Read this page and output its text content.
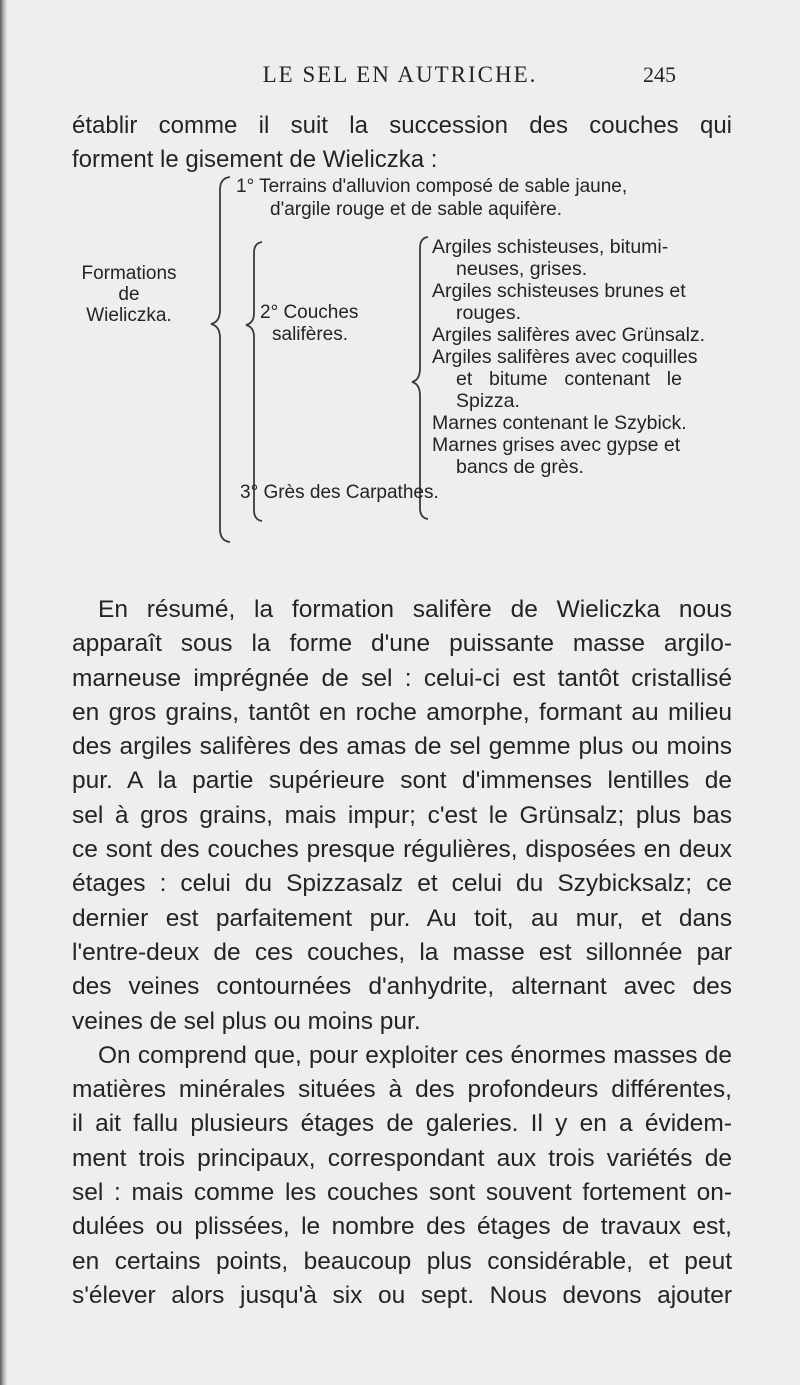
LE SEL EN AUTRICHE.	245
établir comme il suit la succession des couches qui
forment le gisement de Wieliczka :
Formations
de
Wieliczka.
1° Terrains d'alluvion composé de sable jaune,
d'argile rouge et de sable aquifère.
2° Couches
salifères.
Argiles schisteuses, bitumi-
neuses, grises.
Argiles schisteuses brunes et
rouges.
Argiles salifères avec Grünsalz.
Argiles salifères avec coquilles
et bitume contenant le
Spizza.
Marnes contenant le Szybick.
Marnes grises avec gypse et
bancs de grès.
3° Grès des Carpathes.
En résumé, la formation salifère de Wieliczka nous
apparaît sous la forme d'une puissante masse argilo-
marneuse imprégnée de sel : celui-ci est tantôt cristallisé
en gros grains, tantôt en roche amorphe, formant au milieu
des argiles salifères des amas de sel gemme plus ou moins
pur. A la partie supérieure sont d'immenses lentilles de
sel à gros grains, mais impur; c'est le Grünsalz; plus bas
ce sont des couches presque régulières, disposées en deux
étages : celui du Spizzasalz et celui du Szybicksalz; ce
dernier est parfaitement pur. Au toit, au mur, et dans
l'entre-deux de ces couches, la masse est sillonnée par
des veines contournées d'anhydrite, alternant avec des
veines de sel plus ou moins pur.
On comprend que, pour exploiter ces énormes masses de
matières minérales situées à des profondeurs différentes,
il ait fallu plusieurs étages de galeries. Il y en a évidem-
ment trois principaux, correspondant aux trois variétés de
sel : mais comme les couches sont souvent fortement on-
dulées ou plissées, le nombre des étages de travaux est,
en certains points, beaucoup plus considérable, et peut
s'élever alors jusqu'à six ou sept. Nous devons ajouter
